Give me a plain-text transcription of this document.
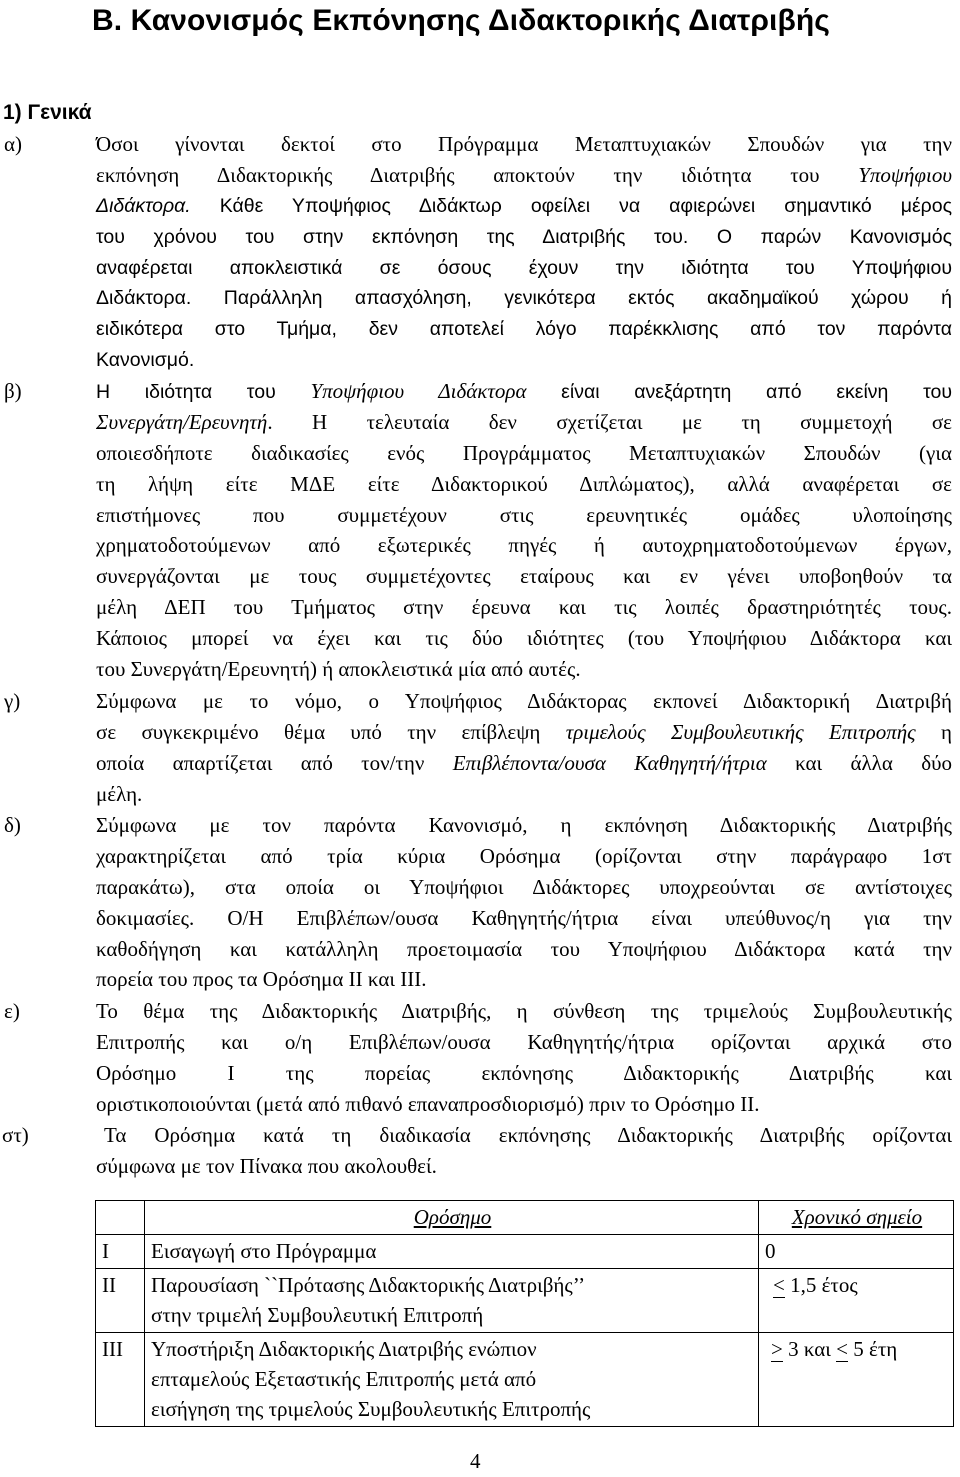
Β. Κανονισμός Εκπόνησης Διδακτορικής Διατριβής
1) Γενικά
α)	Όσοι γίνονται δεκτοί στο Πρόγραμμα Μεταπτυχιακών Σπουδών για την
εκπόνηση Διδακτορικής Διατριβής αποκτούν την ιδιότητα του Υποψήφιου
Διδάκτορα. Κάθε Υποψήφιος Διδάκτωρ οφείλει να αφιερώνει σημαντικό μέρος
του χρόνου του στην εκπόνηση της Διατριβής του. Ο παρών Κανονισμός
αναφέρεται αποκλειστικά σε όσους έχουν την ιδιότητα του Υποψήφιου
Διδάκτορα. Παράλληλη απασχόληση, γενικότερα εκτός ακαδημαϊκού χώρου ή
ειδικότερα στο Τμήμα, δεν αποτελεί λόγο παρέκκλισης από τον παρόντα
Κανονισμό.
β)	Η ιδιότητα του Υποψήφιου Διδάκτορα είναι ανεξάρτητη από εκείνη του
Συνεργάτη/Ερευνητή. Η τελευταία δεν σχετίζεται με τη συμμετοχή σε
οποιεσδήποτε διαδικασίες ενός Προγράμματος Μεταπτυχιακών Σπουδών (για
τη λήψη είτε ΜΔΕ είτε Διδακτορικού Διπλώματος), αλλά αναφέρεται σε
επιστήμονες που συμμετέχουν στις ερευνητικές ομάδες υλοποίησης
χρηματοδοτούμενων από εξωτερικές πηγές ή αυτοχρηματοδοτούμενων έργων,
συνεργάζονται με τους συμμετέχοντες εταίρους και εν γένει υποβοηθούν τα
μέλη ΔΕΠ του Τμήματος στην έρευνα και τις λοιπές δραστηριότητές τους.
Κάποιος μπορεί να έχει και τις δύο ιδιότητες (του Υποψήφιου Διδάκτορα και
του Συνεργάτη/Ερευνητή) ή αποκλειστικά μία από αυτές.
γ)	Σύμφωνα με το νόμο, ο Υποψήφιος Διδάκτορας εκπονεί Διδακτορική Διατριβή
σε συγκεκριμένο θέμα υπό την επίβλεψη τριμελούς Συμβουλευτικής Επιτροπής η
οποία απαρτίζεται από τον/την Επιβλέποντα/ουσα Καθηγητή/ήτρια και άλλα δύο
μέλη.
δ)	Σύμφωνα με τον παρόντα Κανονισμό, η εκπόνηση Διδακτορικής Διατριβής
χαρακτηρίζεται από τρία κύρια Ορόσημα (ορίζονται στην παράγραφο 1στ
παρακάτω), στα οποία οι Υποψήφιοι Διδάκτορες υποχρεούνται σε αντίστοιχες
δοκιμασίες. Ο/Η Επιβλέπων/ουσα Καθηγητής/ήτρια είναι υπεύθυνος/η για την
καθοδήγηση και κατάλληλη προετοιμασία του Υποψήφιου Διδάκτορα κατά την
πορεία του προς τα Ορόσημα ΙΙ και ΙΙΙ.
ε)	Το θέμα της Διδακτορικής Διατριβής, η σύνθεση της τριμελούς Συμβουλευτικής
Επιτροπής και ο/η Επιβλέπων/ουσα Καθηγητής/ήτρια ορίζονται αρχικά στο
Ορόσημο Ι της πορείας εκπόνησης Διδακτορικής Διατριβής και
οριστικοποιούνται (μετά από πιθανό επαναπροσδιορισμό) πριν το Ορόσημο ΙΙ.
στ)	Τα Ορόσημα κατά τη διαδικασία εκπόνησης Διδακτορικής Διατριβής ορίζονται
σύμφωνα με τον Πίνακα που ακολουθεί.
	Ορόσημο	Χρονικό σημείο
Ι	Εισαγωγή στο Πρόγραμμα	0
ΙΙ	Παρουσίαση ``Πρότασης Διδακτορικής Διατριβής’’
στην τριμελή Συμβουλευτική Επιτροπή	< 1,5 έτος
ΙΙΙ	Υποστήριξη Διδακτορικής Διατριβής ενώπιον
επταμελούς Εξεταστικής Επιτροπής μετά από
εισήγηση της τριμελούς Συμβουλευτικής Επιτροπής	> 3 και < 5 έτη
4
